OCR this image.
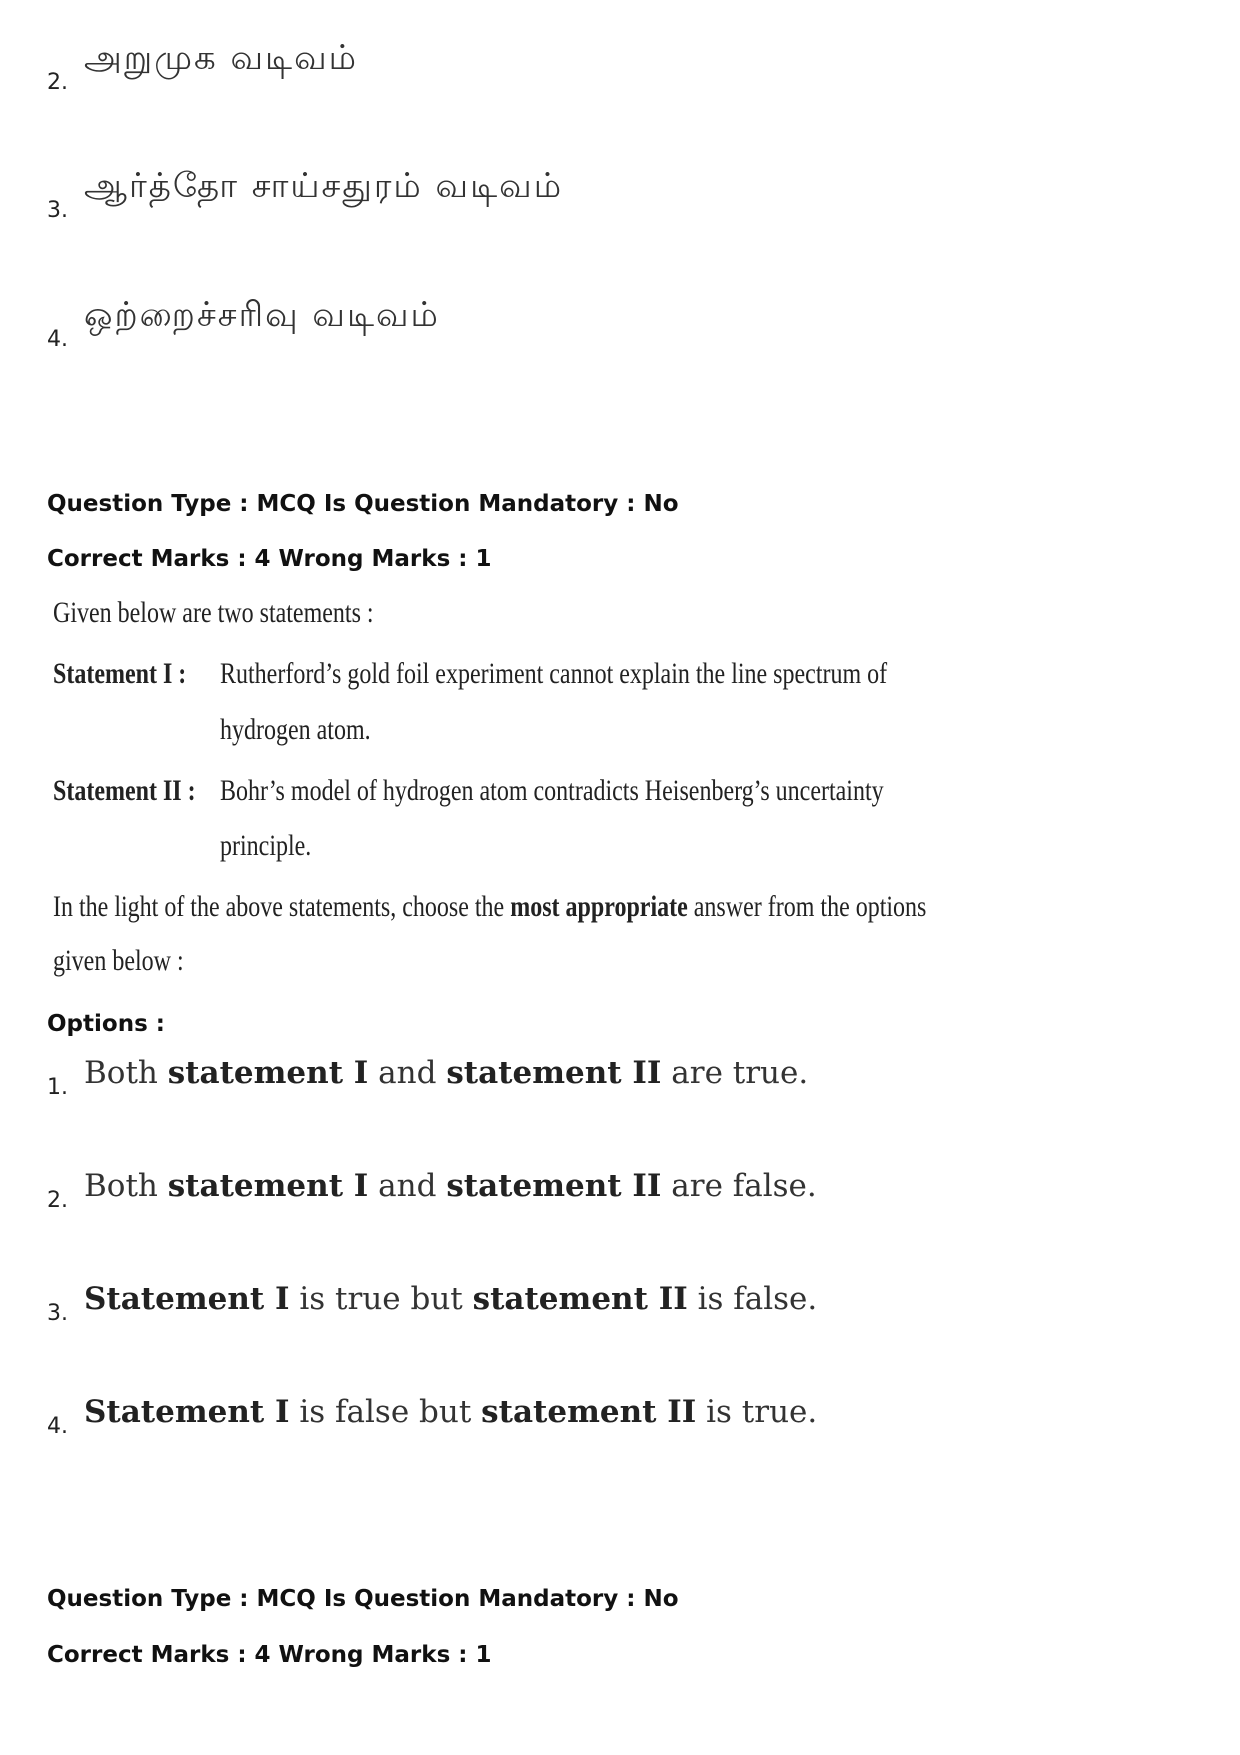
2.
அறுமுக வடிவம்
3.
ஆர்த்தோ சாய்சதுரம் வடிவம்
4.
ஒற்றைச்சரிவு வடிவம்
Question Type : MCQ Is Question Mandatory : No
Correct Marks : 4 Wrong Marks : 1
Given below are two statements :
Statement I : Rutherford’s gold foil experiment cannot explain the line spectrum of
hydrogen atom.
Statement II : Bohr’s model of hydrogen atom contradicts Heisenberg’s uncertainty
principle.
In the light of the above statements, choose the most appropriate answer from the options
given below :
Options :
1. Both statement I and statement II are true.
2. Both statement I and statement II are false.
3. Statement I is true but statement II is false.
4. Statement I is false but statement II is true.
Question Type : MCQ Is Question Mandatory : No
Correct Marks : 4 Wrong Marks : 1
